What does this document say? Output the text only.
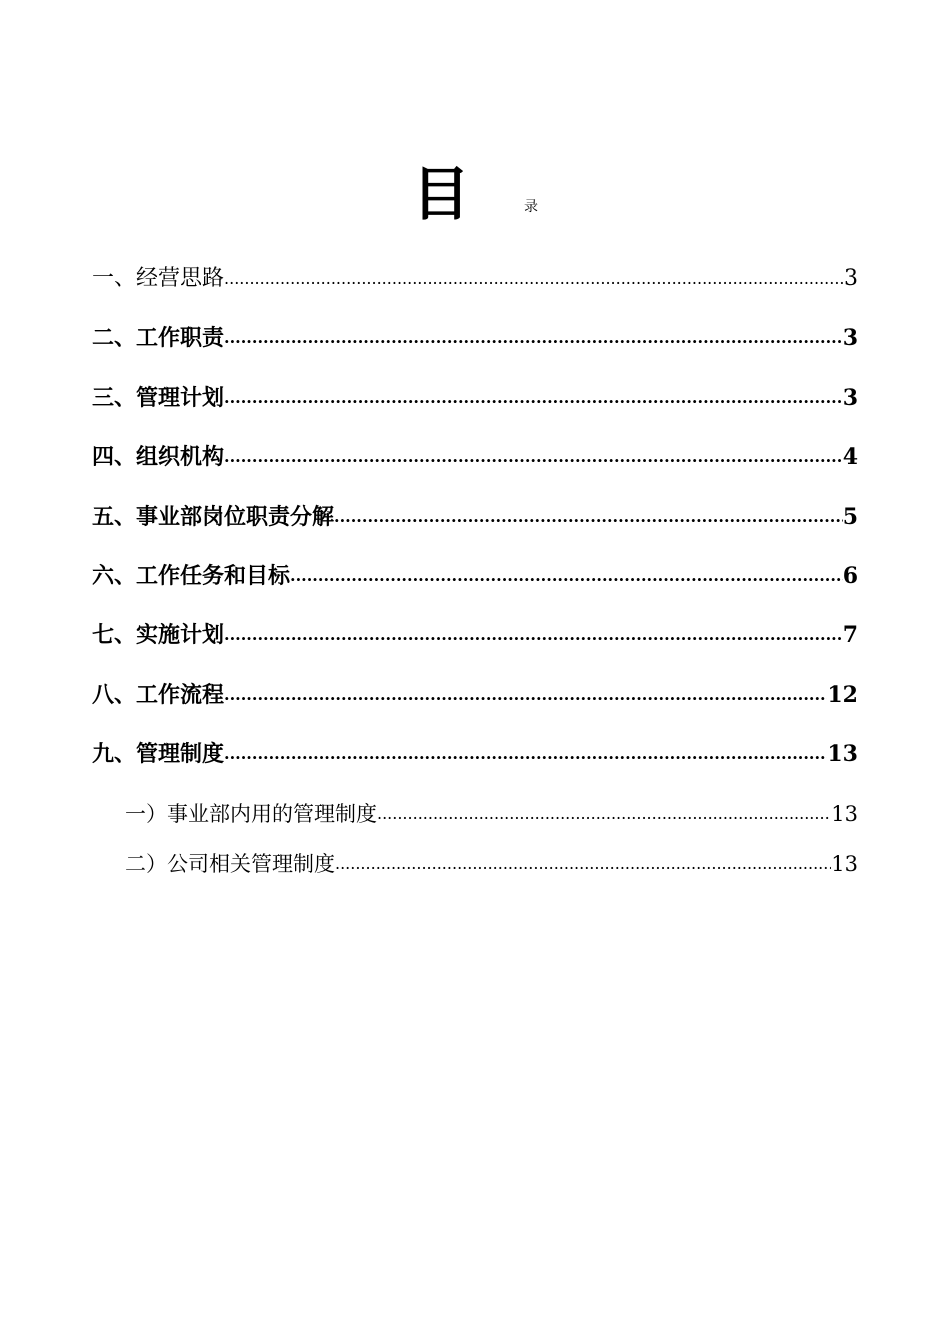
目	录
一、经营思路 .....	3
二、工作职责 .....	3
三、管理计划 .....	3
四、组织机构 .....	4
五、事业部岗位职责分解 .....	5
六、工作任务和目标 .....	6
七、实施计划 .....	7
八、工作流程 .....	12
九、管理制度 .....	13
一）事业部内用的管理制度 .....	13
二）公司相关管理制度 .....	13
